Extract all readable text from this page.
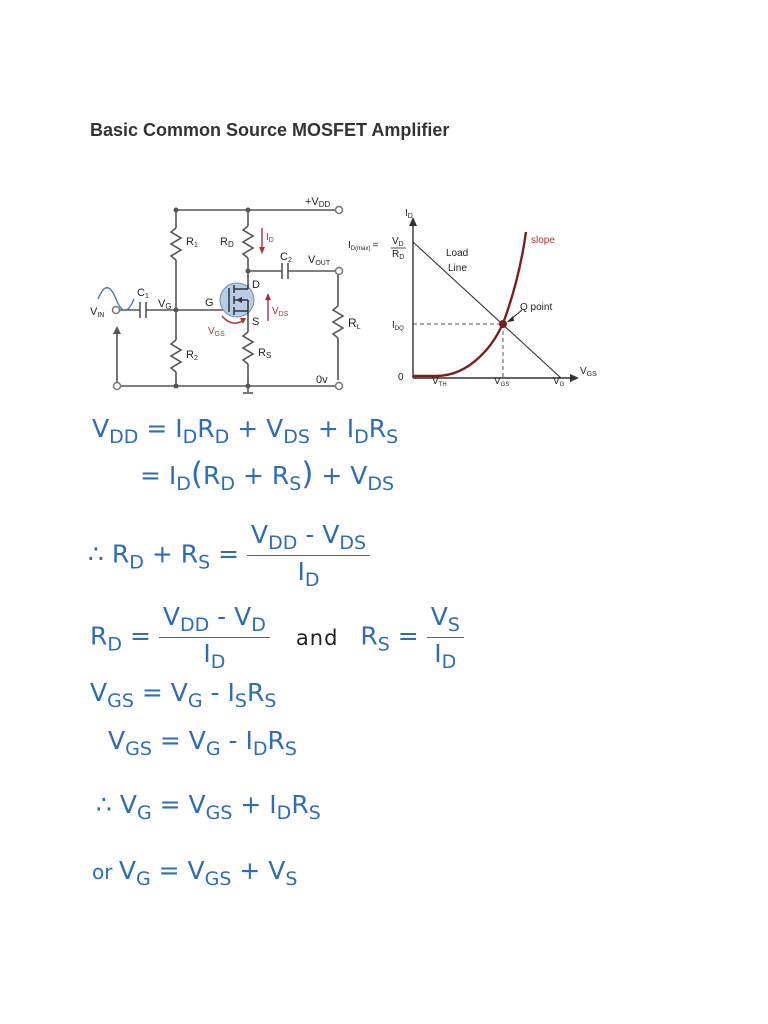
Basic Common Source MOSFET Amplifier
+VDD
R1 RD
R2	RS
C1
VG
VIN
C2 VOUT
G
D
S	RL
0v
$I_D$
$V_{DS}$
$V_{GS}$
$I_D$
$V_{GS}$
$I_{D(max)} = V_D$
$R_D$	Load
Line
Q point
$I_{DQ}$
0	$V_{TH}$	$V_{GS}$	$V_G$
slope
$V_{DD} = I_DR_D + V_{DS} + I_DR_S$
= $I_D(R_D + R_S) + V_{DS}$
∴ $R_D + R_S = \frac{V_{DD} - V_{DS}}{I_D}$
$R_D = \frac{V_{DD} - V_D}{I_D}$ and $R_S = \frac{V_S}{I_D}$
$V_{GS} = V_G - I_SR_S$
$V_{GS} = V_G - I_DR_S$
∴ $V_G = V_{GS} + I_DR_S$
or $V_G = V_{GS} + V_S$
